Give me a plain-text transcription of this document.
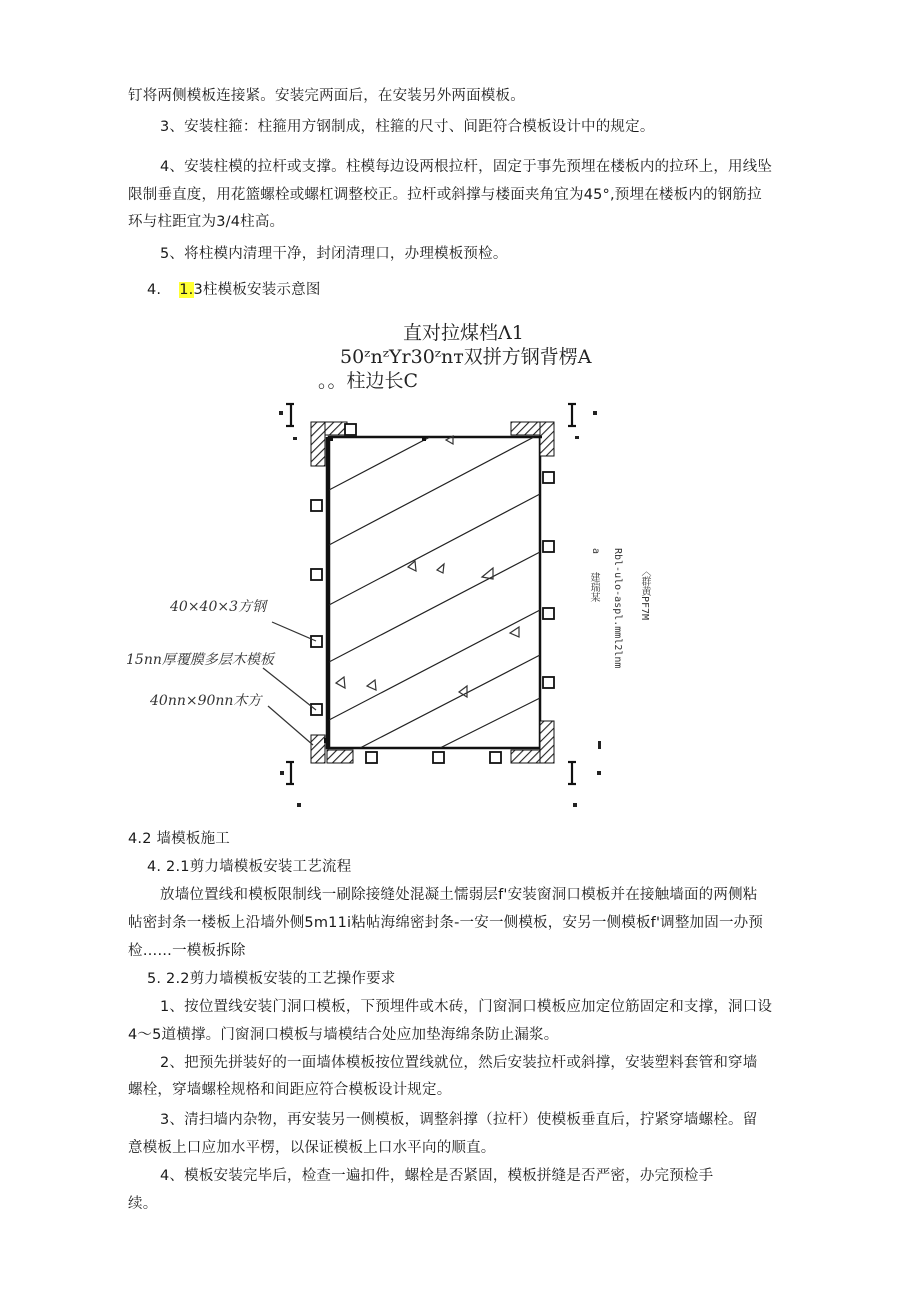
钉将两侧模板连接紧。安装完两面后，在安装另外两面模板。
3、安装柱箍：柱箍用方钢制成，柱箍的尺寸、间距符合模板设计中的规定。
4、安装柱模的拉杆或支撑。柱模每边设两根拉杆，固定于事先预埋在楼板内的拉环上，用线坠
限制垂直度，用花篮螺栓或螺杠调整校正。拉杆或斜撑与楼面夹角宜为45°,预埋在楼板内的钢筋拉
环与柱距宜为3/4柱高。
5、将柱模内清理干净，封闭清理口，办理模板预检。
4. 1.3柱模板安装示意图
直对拉煤档Λ1
50ᶻnᶻYr30ᶻnт双拼方钢背楞A
。。柱边长C
40×40×3方钢
15nn厚覆膜多层木模板
40nn×90nn木方
建瑞某
a Rbl-ulo-aspl.mml2lnm 〈群黄PF7M
4.2 墙模板施工
4. 2.1剪力墙模板安装工艺流程
放墙位置线和模板限制线一刷除接缝处混凝土懦弱层f'安装窗洞口模板并在接触墙面的两侧粘
帖密封条一楼板上沿墙外侧5m11i粘帖海绵密封条-一安一侧模板，安另一侧模板f'调整加固一办预
检……一模板拆除
5. 2.2剪力墙模板安装的工艺操作要求
1、按位置线安装门洞口模板，下预埋件或木砖，门窗洞口模板应加定位筋固定和支撑，洞口设
4～5道横撑。门窗洞口模板与墙模结合处应加垫海绵条防止漏浆。
2、把预先拼装好的一面墙体模板按位置线就位，然后安装拉杆或斜撑，安装塑料套管和穿墙
螺栓，穿墙螺栓规格和间距应符合模板设计规定。
3、清扫墙内杂物，再安装另一侧模板，调整斜撑（拉杆）使模板垂直后，拧紧穿墙螺栓。留
意模板上口应加水平楞，以保证模板上口水平向的顺直。
4、模板安装完毕后，检查一遍扣件，螺栓是否紧固，模板拼缝是否严密，办完预检手
续。
